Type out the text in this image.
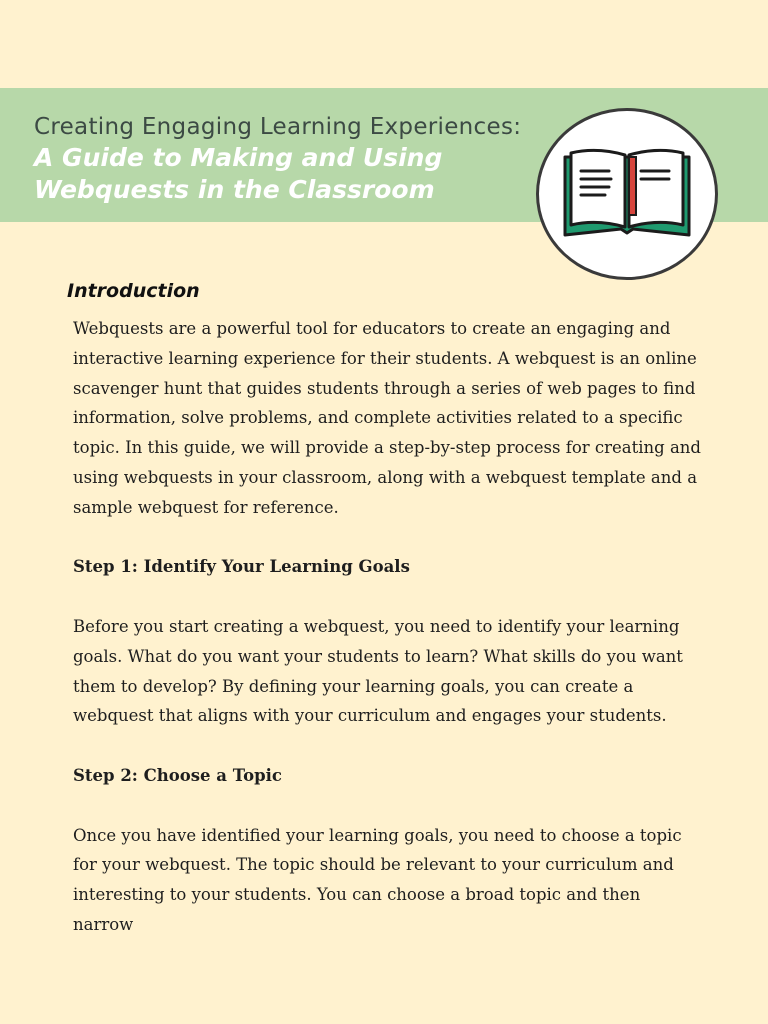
Creating Engaging Learning Experiences:
A Guide to Making and Using
Webquests in the Classroom
Introduction

Webquests are a powerful tool for educators to create an engaging and interactive learning experience for their students. A webquest is an online scavenger hunt that guides students through a series of web pages to find information, solve problems, and complete activities related to a specific topic. In this guide, we will provide a step-by-step process for creating and using webquests in your classroom, along with a webquest template and a sample webquest for reference.

Step 1: Identify Your Learning Goals

Before you start creating a webquest, you need to identify your learning goals. What do you want your students to learn? What skills do you want them to develop? By defining your learning goals, you can create a webquest that aligns with your curriculum and engages your students.

Step 2: Choose a Topic

Once you have identified your learning goals, you need to choose a topic for your webquest. The topic should be relevant to your curriculum and interesting to your students. You can choose a broad topic and then narrow
